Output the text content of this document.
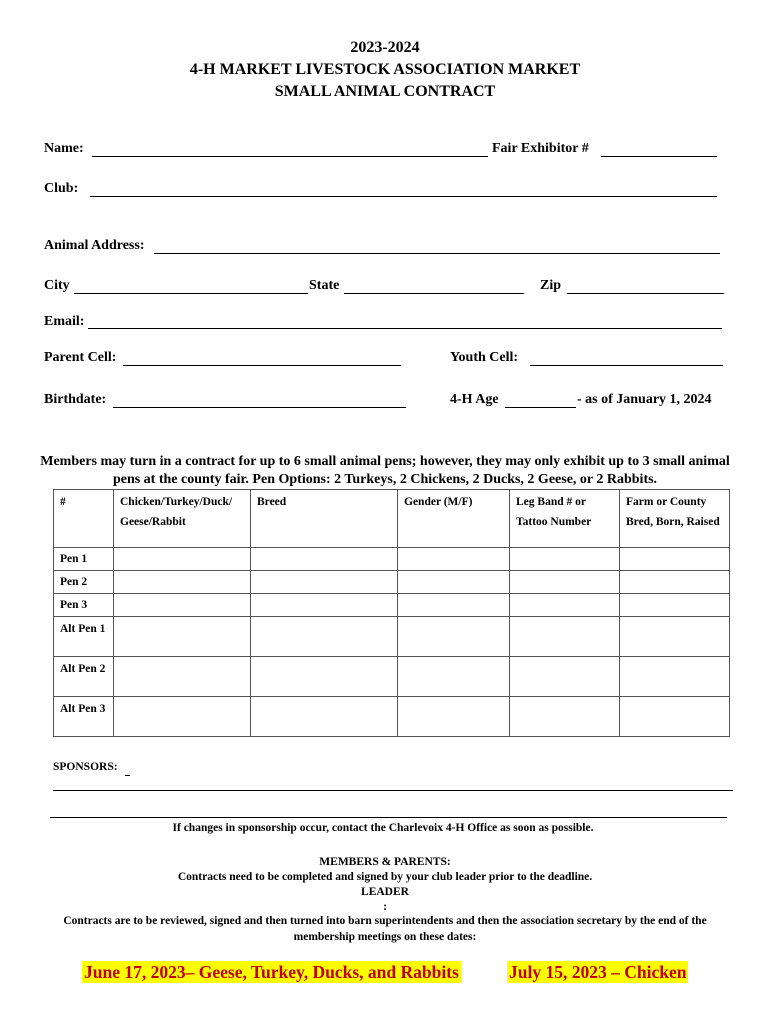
2023-2024
4-H MARKET LIVESTOCK ASSOCIATION MARKET
SMALL ANIMAL CONTRACT
Name:	Fair Exhibitor #
Club:
Animal Address:
City	State	Zip
Email:
Parent Cell:	Youth Cell:
Birthdate:	4-H Age	- as of January 1, 2024
Members may turn in a contract for up to 6 small animal pens; however, they may only exhibit up to 3 small animal pens at the county fair. Pen Options: 2 Turkeys, 2 Chickens, 2 Ducks, 2 Geese, or 2 Rabbits.
#	Chicken/Turkey/Duck/ Geese/Rabbit	Breed	Gender (M/F)	Leg Band # or Tattoo Number	Farm or County Bred, Born, Raised
Pen 1					
Pen 2					
Pen 3					
Alt Pen 1					
Alt Pen 2					
Alt Pen 3					
SPONSORS:
If changes in sponsorship occur, contact the Charlevoix 4-H Office as soon as possible.
MEMBERS & PARENTS:
Contracts need to be completed and signed by your club leader prior to the deadline.
LEADER
:
Contracts are to be reviewed, signed and then turned into barn superintendents and then the association secretary by the end of the membership meetings on these dates:
June 17, 2023– Geese, Turkey, Ducks, and Rabbits	July 15, 2023 – Chicken
